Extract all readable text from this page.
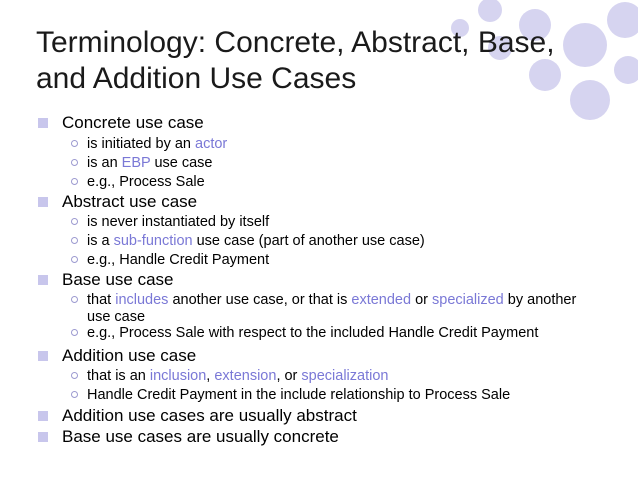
Terminology: Concrete, Abstract, Base,
and Addition Use Cases
Concrete use case
is initiated by an actor
is an EBP use case
e.g., Process Sale
Abstract use case
is never instantiated by itself
is a sub-function use case (part of another use case)
e.g., Handle Credit Payment
Base use case
that includes another use case, or that is extended or specialized by another use case
e.g., Process Sale with respect to the included Handle Credit Payment
Addition use case
that is an inclusion, extension, or specialization
Handle Credit Payment in the include relationship to Process Sale
Addition use cases are usually abstract
Base use cases are usually concrete
